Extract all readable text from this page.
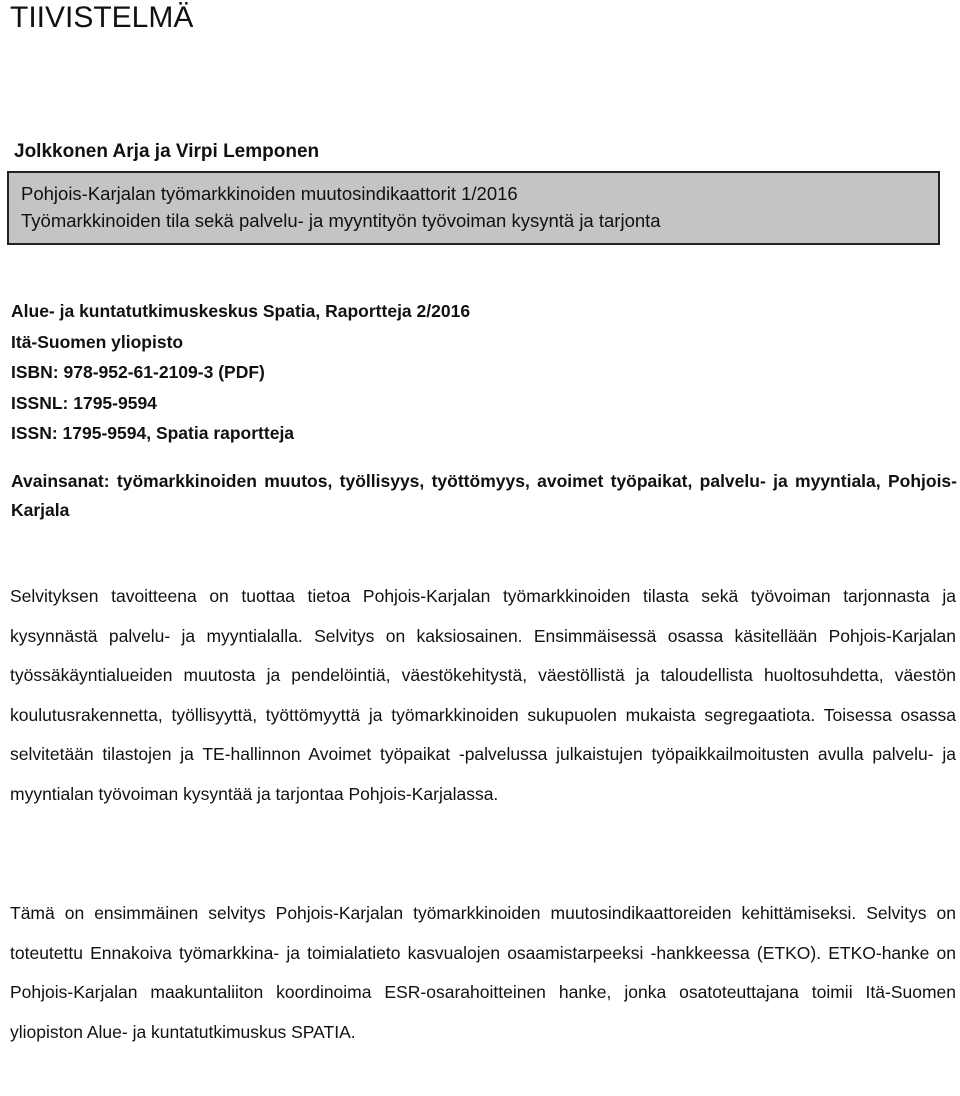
TIIVISTELMÄ
Jolkkonen Arja ja Virpi Lemponen
Pohjois-Karjalan työmarkkinoiden muutosindikaattorit 1/2016
Työmarkkinoiden tila sekä palvelu- ja myyntityön työvoiman kysyntä ja tarjonta
Alue- ja kuntatutkimuskeskus Spatia, Raportteja 2/2016
Itä-Suomen yliopisto
ISBN: 978-952-61-2109-3 (PDF)
ISSNL: 1795-9594
ISSN: 1795-9594, Spatia raportteja
Avainsanat: työmarkkinoiden muutos, työllisyys, työttömyys, avoimet työpaikat, palvelu- ja myyntiala, Pohjois-Karjala

Selvityksen tavoitteena on tuottaa tietoa Pohjois-Karjalan työmarkkinoiden tilasta sekä työvoiman tarjonnasta ja kysynnästä palvelu- ja myyntialalla. Selvitys on kaksiosainen. Ensimmäisessä osassa käsitellään Pohjois-Karjalan työssäkäyntialueiden muutosta ja pendelöintiä, väestökehitystä, väestöllistä ja taloudellista huoltosuhdetta, väestön koulutusrakennetta, työllisyyttä, työttömyyttä ja työmarkkinoiden sukupuolen mukaista segregaatiota. Toisessa osassa selvitetään tilastojen ja TE-hallinnon Avoimet työpaikat -palvelussa julkaistujen työpaikkailmoitusten avulla palvelu- ja myyntialan työvoiman kysyntää ja tarjontaa Pohjois-Karjalassa.

Tämä on ensimmäinen selvitys Pohjois-Karjalan työmarkkinoiden muutosindikaattoreiden kehittämiseksi. Selvitys on toteutettu Ennakoiva työmarkkina- ja toimialatieto kasvualojen osaamistarpeeksi -hankkeessa (ETKO). ETKO-hanke on Pohjois-Karjalan maakuntaliiton koordinoima ESR-osarahoitteinen hanke, jonka osatoteuttajana toimii Itä-Suomen yliopiston Alue- ja kuntatutkimuskus SPATIA.
